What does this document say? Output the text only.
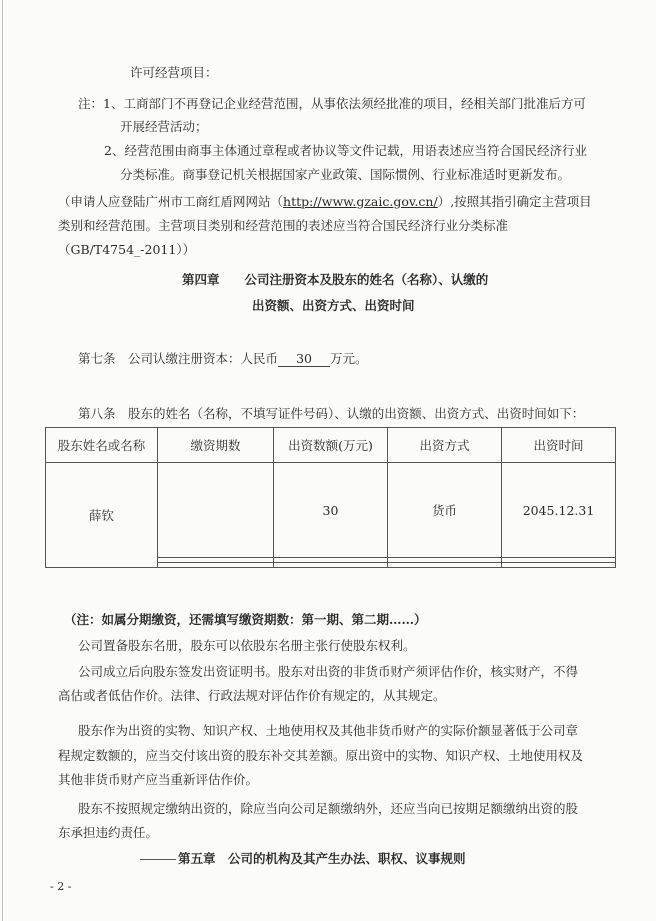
许可经营项目：
注：1、工商部门不再登记企业经营范围，从事依法须经批准的项目，经相关部门批准后方可
开展经营活动；
2、经营范围由商事主体通过章程或者协议等文件记载，用语表述应当符合国民经济行业
分类标准。商事登记机关根据国家产业政策、国际惯例、行业标准适时更新发布。
（申请人应登陆广州市工商红盾网网站（http://www.gzaic.gov.cn/）,按照其指引确定主营项目
类别和经营范围。主营项目类别和经营范围的表述应当符合国民经济行业分类标准
（GB/T4754_-2011））
第四章　　公司注册资本及股东的姓名（名称）、认缴的
出资额、出资方式、出资时间
第七条　公司认缴注册资本：人民币 30 万元。
第八条　股东的姓名（名称，不填写证件号码）、认缴的出资额、出资方式、出资时间如下：
股东姓名或名称	缴资期数	出资数额(万元)	出资方式	出资时间
薛钦		30	货币	2045.12.31

（注：如属分期缴资，还需填写缴资期数：第一期、第二期……）
公司置备股东名册，股东可以依股东名册主张行使股东权利。
公司成立后向股东签发出资证明书。股东对出资的非货币财产须评估作价，核实财产，不得
高估或者低估作价。法律、行政法规对评估作价有规定的，从其规定。
股东作为出资的实物、知识产权、土地使用权及其他非货币财产的实际价额显著低于公司章
程规定数额的，应当交付该出资的股东补交其差额。原出资中的实物、知识产权、土地使用权及
其他非货币财产应当重新评估作价。
股东不按照规定缴纳出资的，除应当向公司足额缴纳外，还应当向已按期足额缴纳出资的股
东承担违约责任。
第五章　公司的机构及其产生办法、职权、议事规则
- 2 -
